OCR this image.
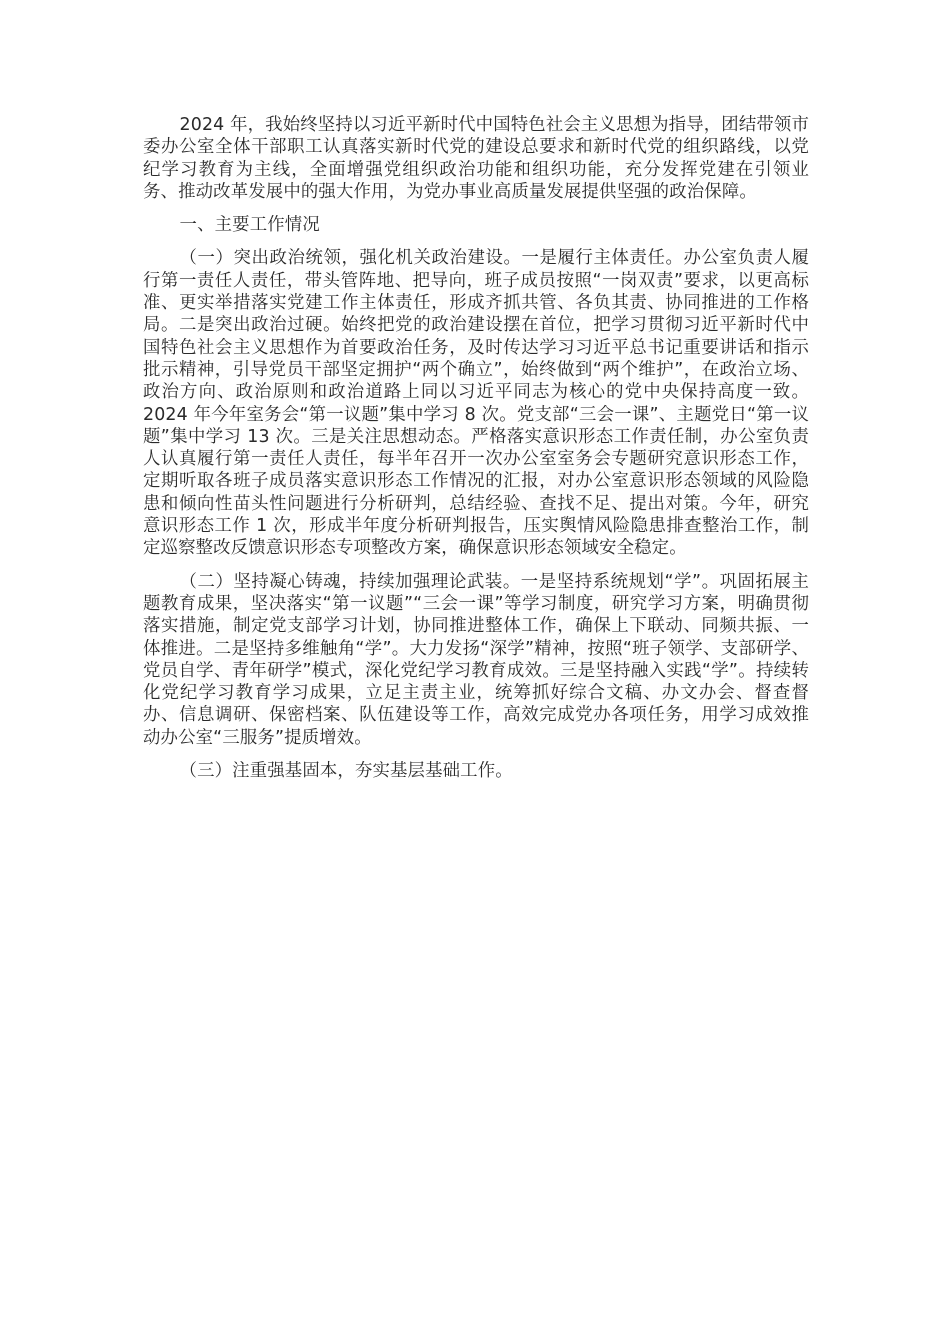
2024 年，我始终坚持以习近平新时代中国特色社会主义思想为指导，团结带领市委办公室全体干部职工认真落实新时代党的建设总要求和新时代党的组织路线，以党纪学习教育为主线，全面增强党组织政治功能和组织功能，充分发挥党建在引领业务、推动改革发展中的强大作用，为党办事业高质量发展提供坚强的政治保障。

一、主要工作情况

（一）突出政治统领，强化机关政治建设。一是履行主体责任。办公室负责人履行第一责任人责任，带头管阵地、把导向，班子成员按照“一岗双责”要求，以更高标准、更实举措落实党建工作主体责任，形成齐抓共管、各负其责、协同推进的工作格局。二是突出政治过硬。始终把党的政治建设摆在首位，把学习贯彻习近平新时代中国特色社会主义思想作为首要政治任务，及时传达学习习近平总书记重要讲话和指示批示精神，引导党员干部坚定拥护“两个确立”，始终做到“两个维护”，在政治立场、政治方向、政治原则和政治道路上同以习近平同志为核心的党中央保持高度一致。2024 年今年室务会“第一议题”集中学习 8 次。党支部“三会一课”、主题党日“第一议题”集中学习 13 次。三是关注思想动态。严格落实意识形态工作责任制，办公室负责人认真履行第一责任人责任，每半年召开一次办公室室务会专题研究意识形态工作，定期听取各班子成员落实意识形态工作情况的汇报，对办公室意识形态领域的风险隐患和倾向性苗头性问题进行分析研判，总结经验、查找不足、提出对策。今年，研究意识形态工作 1 次，形成半年度分析研判报告，压实舆情风险隐患排查整治工作，制定巡察整改反馈意识形态专项整改方案，确保意识形态领域安全稳定。

（二）坚持凝心铸魂，持续加强理论武装。一是坚持系统规划“学”。巩固拓展主题教育成果，坚决落实“第一议题”“三会一课”等学习制度，研究学习方案，明确贯彻落实措施，制定党支部学习计划，协同推进整体工作，确保上下联动、同频共振、一体推进。二是坚持多维触角“学”。大力发扬“深学”精神，按照“班子领学、支部研学、党员自学、青年研学”模式，深化党纪学习教育成效。三是坚持融入实践“学”。持续转化党纪学习教育学习成果，立足主责主业，统筹抓好综合文稿、办文办会、督查督办、信息调研、保密档案、队伍建设等工作，高效完成党办各项任务，用学习成效推动办公室“三服务”提质增效。

（三）注重强基固本，夯实基层基础工作。
